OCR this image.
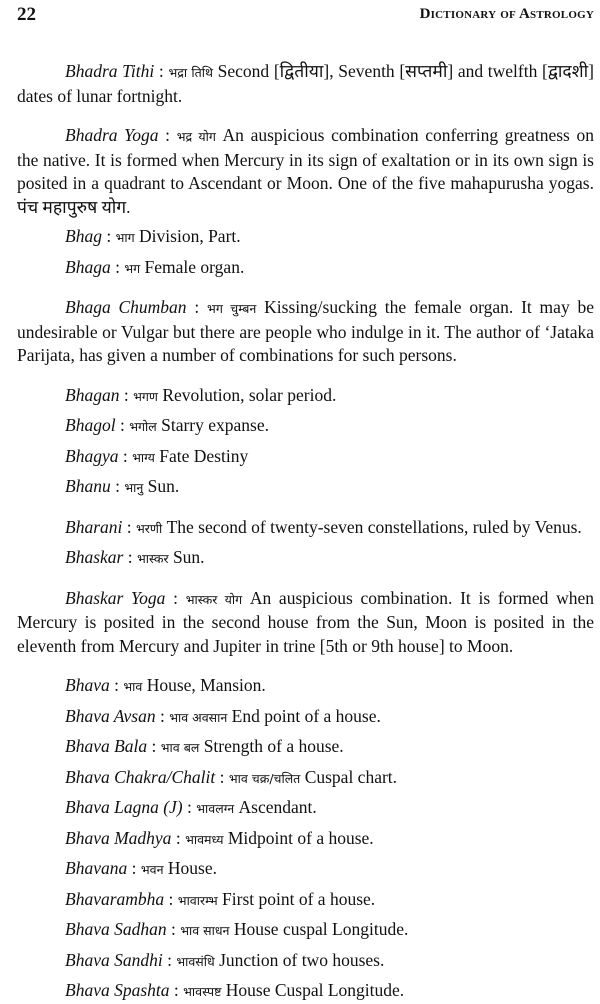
22	Dictionary of Astrology

Bhadra Tithi : भद्रा तिथि Second [द्वितीया], Seventh [सप्तमी] and twelfth [द्वादशी] dates of lunar fortnight.

Bhadra Yoga : भद्र योग An auspicious combination conferring greatness on the native. It is formed when Mercury in its sign of exaltation or in its own sign is posited in a quadrant to Ascendant or Moon. One of the five mahapurusha yogas. पंच महापुरुष योग.

Bhag : भाग Division, Part.

Bhaga : भग Female organ.

Bhaga Chumban : भग चुम्बन Kissing/sucking the female organ. It may be undesirable or Vulgar but there are people who indulge in it. The author of ‘Jataka Parijata, has given a number of combinations for such persons.

Bhagan : भगण Revolution, solar period.

Bhagol : भगोल Starry expanse.

Bhagya : भाग्य Fate Destiny

Bhanu : भानु Sun.

Bharani : भरणी The second of twenty-seven constellations, ruled by Venus.

Bhaskar : भास्कर Sun.

Bhaskar Yoga : भास्कर योग An auspicious combination. It is formed when Mercury is posited in the second house from the Sun, Moon is posited in the eleventh from Mercury and Jupiter in trine [5th or 9th house] to Moon.

Bhava : भाव House, Mansion.

Bhava Avsan : भाव अवसान End point of a house.

Bhava Bala : भाव बल Strength of a house.

Bhava Chakra/Chalit : भाव चक्र/चलित Cuspal chart.

Bhava Lagna (J) : भावलग्न Ascendant.

Bhava Madhya : भावमध्य Midpoint of a house.

Bhavana : भवन House.

Bhavarambha : भावारम्भ First point of a house.

Bhava Sadhan : भाव साधन House cuspal Longitude.

Bhava Sandhi : भावसंधि Junction of two houses.

Bhava Spashta : भावस्पष्ट House Cuspal Longitude.
